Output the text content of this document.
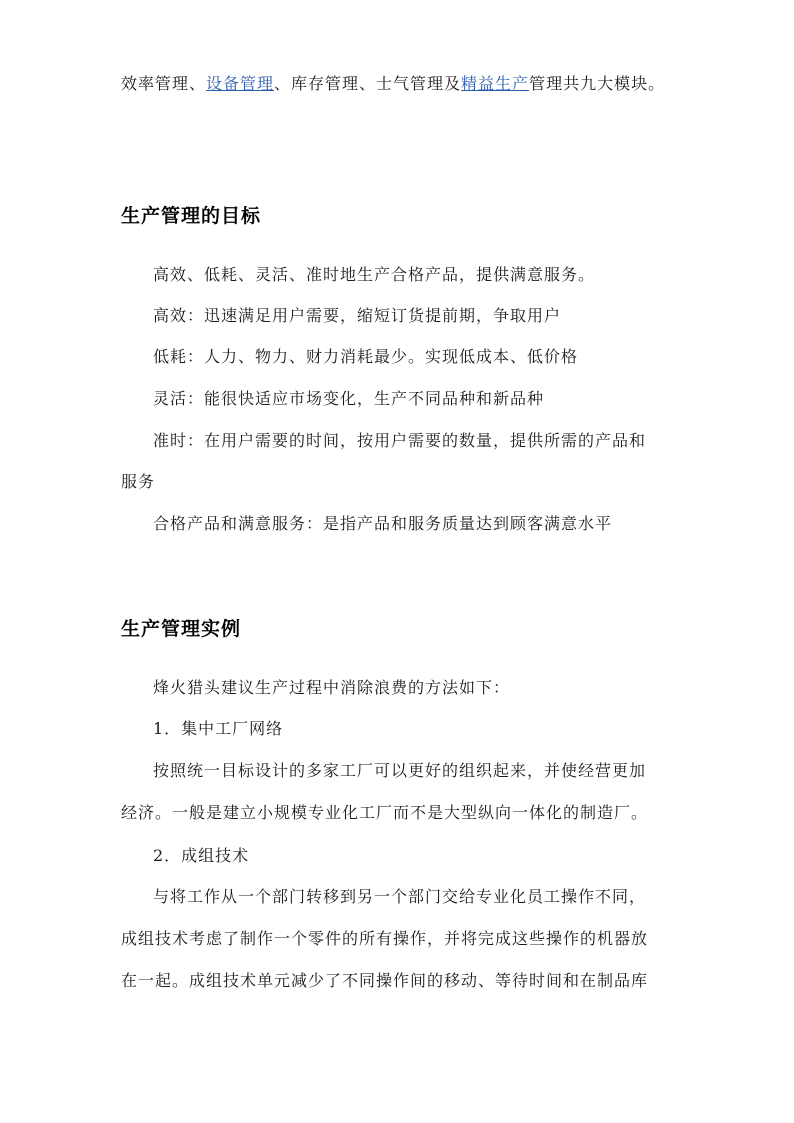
效率管理、设备管理、库存管理、士气管理及精益生产管理共九大模块。
生产管理的目标
高效、低耗、灵活、准时地生产合格产品，提供满意服务。
高效：迅速满足用户需要，缩短订货提前期，争取用户
低耗：人力、物力、财力消耗最少。实现低成本、低价格
灵活：能很快适应市场变化，生产不同品种和新品种
准时：在用户需要的时间，按用户需要的数量，提供所需的产品和
服务
合格产品和满意服务：是指产品和服务质量达到顾客满意水平
生产管理实例
烽火猎头建议生产过程中消除浪费的方法如下：
1．集中工厂网络
按照统一目标设计的多家工厂可以更好的组织起来，并使经营更加
经济。一般是建立小规模专业化工厂而不是大型纵向一体化的制造厂。
2．成组技术
与将工作从一个部门转移到另一个部门交给专业化员工操作不同，
成组技术考虑了制作一个零件的所有操作，并将完成这些操作的机器放
在一起。成组技术单元减少了不同操作间的移动、等待时间和在制品库
